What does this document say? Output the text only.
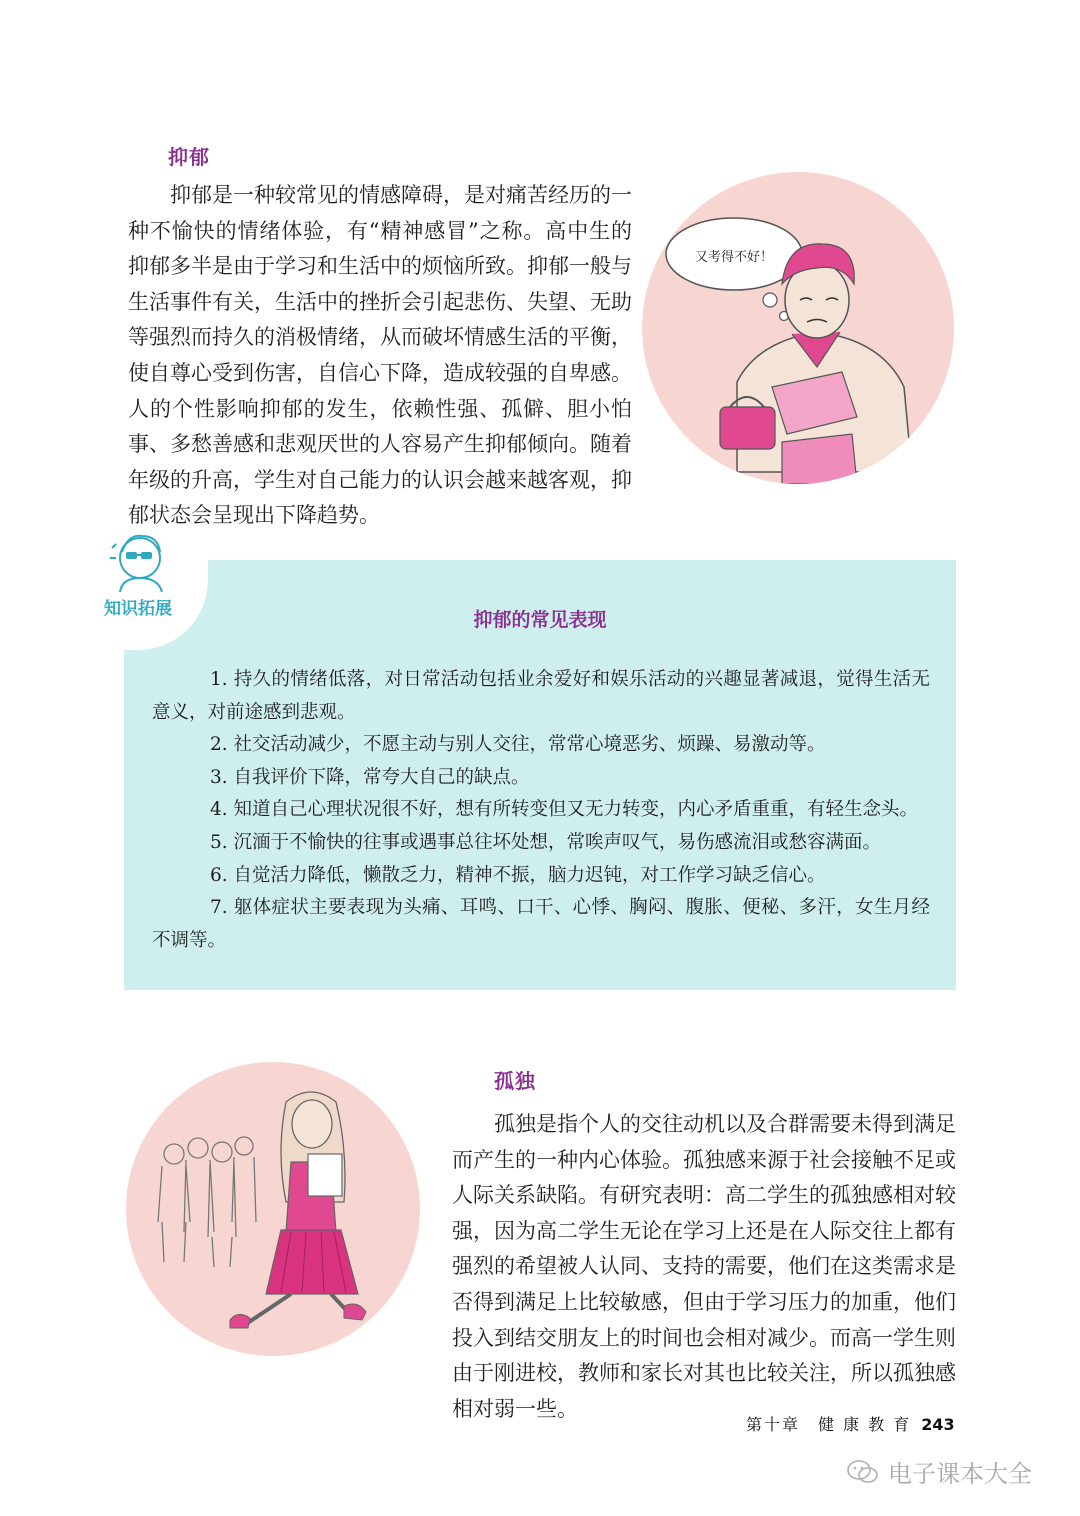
抑郁

抑郁是一种较常见的情感障碍，是对痛苦经历的一种不愉快的情绪体验，有“精神感冒”之称。高中生的抑郁多半是由于学习和生活中的烦恼所致。抑郁一般与生活事件有关，生活中的挫折会引起悲伤、失望、无助等强烈而持久的消极情绪，从而破坏情感生活的平衡，使自尊心受到伤害，自信心下降，造成较强的自卑感。人的个性影响抑郁的发生，依赖性强、孤僻、胆小怕事、多愁善感和悲观厌世的人容易产生抑郁倾向。随着年级的升高，学生对自己能力的认识会越来越客观，抑郁状态会呈现出下降趋势。

又考得不好！
知识拓展	抑郁的常见表现
1. 持久的情绪低落，对日常活动包括业余爱好和娱乐活动的兴趣显著减退，觉得生活无意义，对前途感到悲观。
2. 社交活动减少，不愿主动与别人交往，常常心境恶劣、烦躁、易激动等。
3. 自我评价下降，常夸大自己的缺点。
4. 知道自己心理状况很不好，想有所转变但又无力转变，内心矛盾重重，有轻生念头。
5. 沉湎于不愉快的往事或遇事总往坏处想，常唉声叹气，易伤感流泪或愁容满面。
6. 自觉活力降低，懒散乏力，精神不振，脑力迟钝，对工作学习缺乏信心。
7. 躯体症状主要表现为头痛、耳鸣、口干、心悸、胸闷、腹胀、便秘、多汗，女生月经不调等。
孤独

孤独是指个人的交往动机以及合群需要未得到满足而产生的一种内心体验。孤独感来源于社会接触不足或人际关系缺陷。有研究表明：高二学生的孤独感相对较强，因为高二学生无论在学习上还是在人际交往上都有强烈的希望被人认同、支持的需要，他们在这类需求是否得到满足上比较敏感，但由于学习压力的加重，他们投入到结交朋友上的时间也会相对减少。而高一学生则由于刚进校，教师和家长对其也比较关注，所以孤独感相对弱一些。

第十章　健 康 教 育 243
电子课本大全
